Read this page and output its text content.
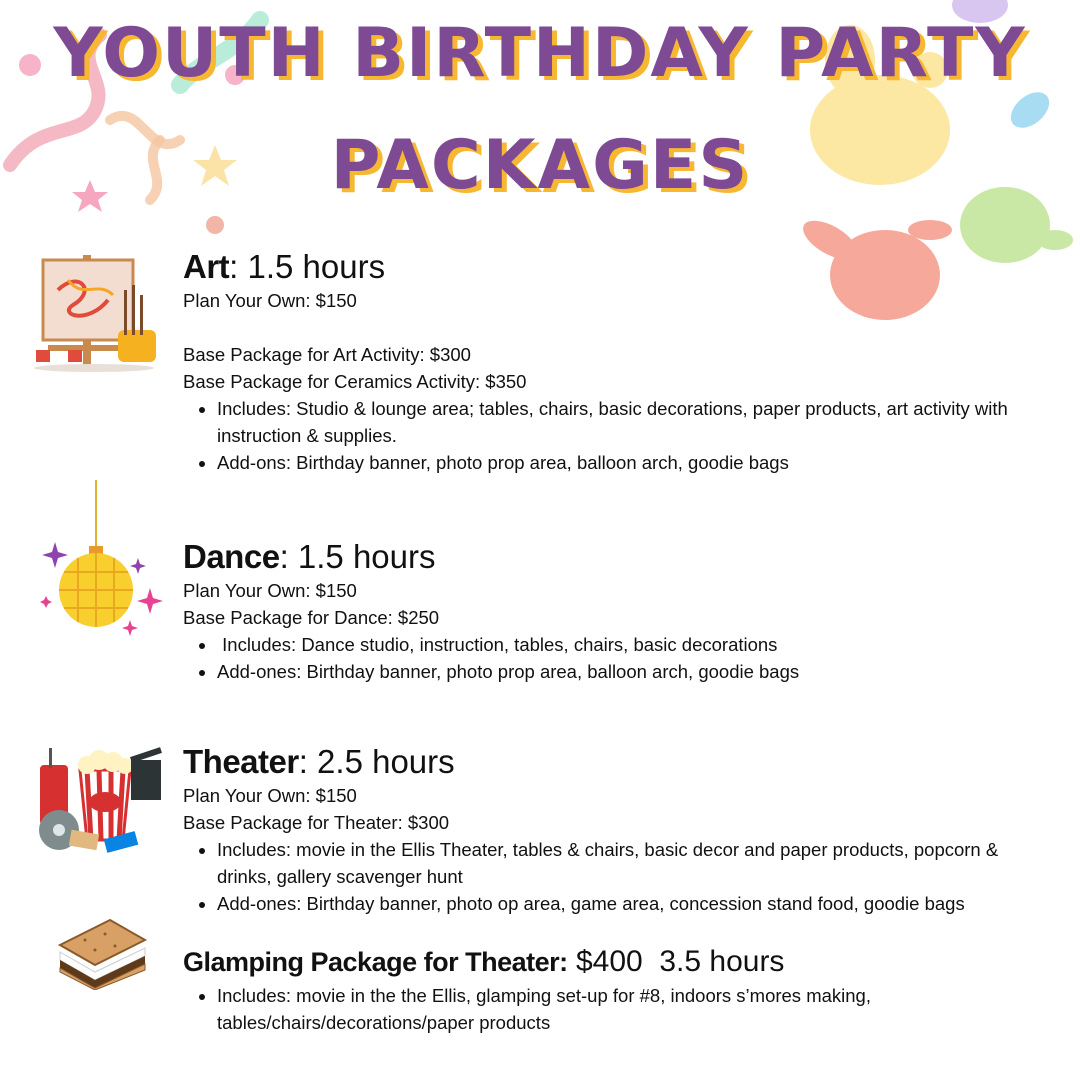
YOUTH BIRTHDAY PARTY
PACKAGES

Art: 1.5 hours

Plan Your Own: $150

Base Package for Art Activity: $300

Base Package for Ceramics Activity: $350

• Includes: Studio & lounge area; tables, chairs, basic decorations, paper products, art activity with instruction & supplies.
• Add-ons: Birthday banner, photo prop area, balloon arch, goodie bags

Dance: 1.5 hours

Plan Your Own: $150

Base Package for Dance: $250

•  Includes: Dance studio, instruction, tables, chairs, basic decorations
• Add-ones: Birthday banner, photo prop area, balloon arch, goodie bags

Theater: 2.5 hours

Plan Your Own: $150

Base Package for Theater: $300

• Includes: movie in the Ellis Theater, tables & chairs, basic decor and paper products, popcorn & drinks, gallery scavenger hunt
• Add-ones: Birthday banner, photo op area, game area, concession stand food, goodie bags

Glamping Package for Theater: $400  3.5 hours

• Includes: movie in the the Ellis, glamping set-up for #8, indoors s’mores making, tables/chairs/decorations/paper products
